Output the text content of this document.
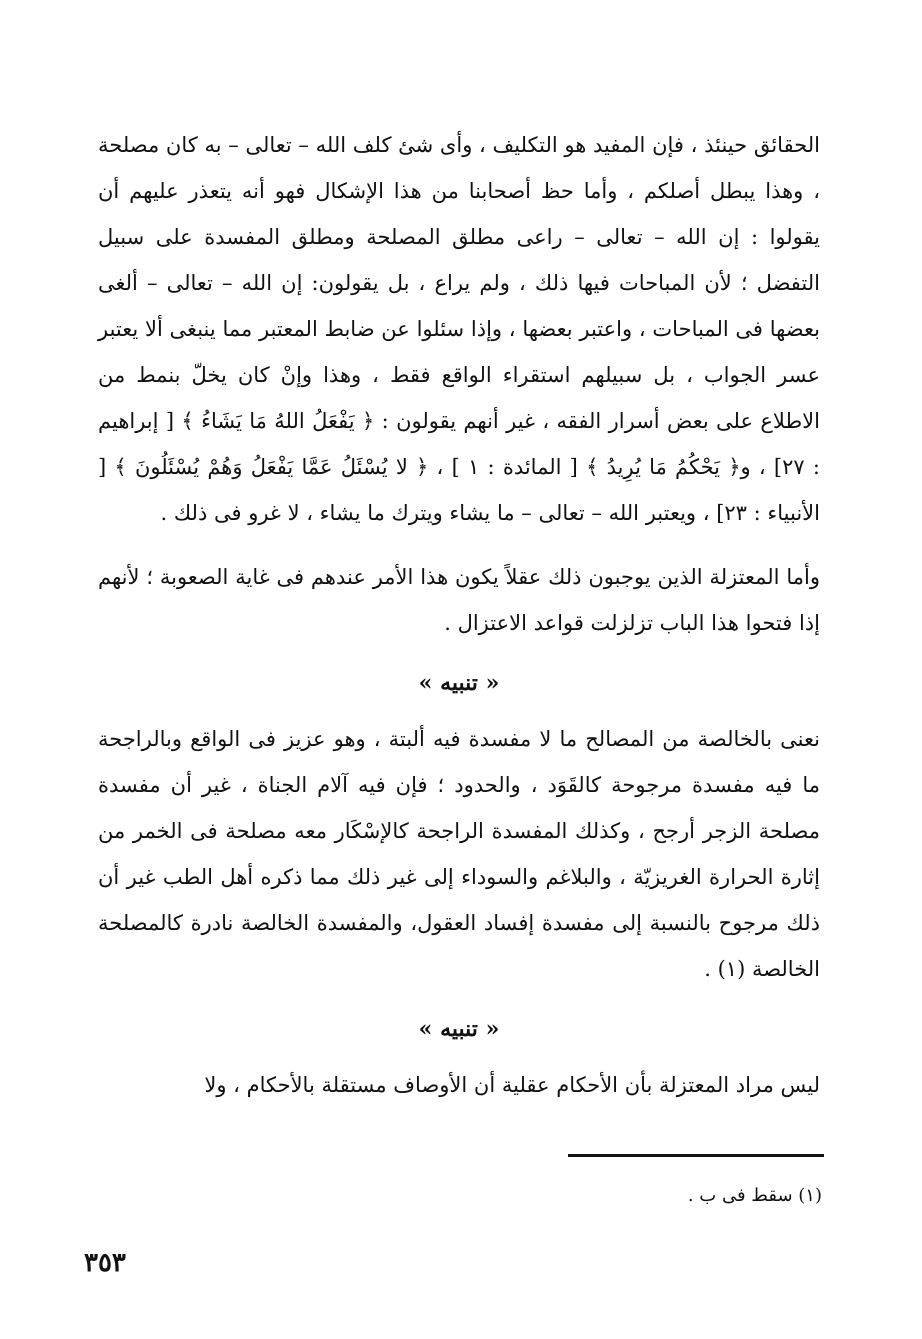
الحقائق حينئذ ، فإن المفيد هو التكليف ، وأى شئ كلف الله – تعالى – به كان مصلحة ، وهذا يبطل أصلكم ، وأما حظ أصحابنا من هذا الإشكال فهو أنه يتعذر عليهم أن يقولوا : إن الله – تعالى – راعى مطلق المصلحة ومطلق المفسدة على سبيل التفضل ؛ لأن المباحات فيها ذلك ، ولم يراع ، بل يقولون: إن الله – تعالى – ألغى بعضها فى المباحات ، واعتبر بعضها ، وإذا سئلوا عن ضابط المعتبر مما ينبغى ألا يعتبر عسر الجواب ، بل سبيلهم استقراء الواقع فقط ، وهذا وإنْ كان يخلّ بنمط من الاطلاع على بعض أسرار الفقه ، غير أنهم يقولون : ﴿ يَفْعَلُ اللهُ مَا يَشَاءُ ﴾ [ إبراهيم : ٢٧] ، و﴿ يَحْكُمُ مَا يُرِيدُ ﴾ [ المائدة : ١ ] ، ﴿ لا يُسْئَلُ عَمَّا يَفْعَلُ وَهُمْ يُسْئَلُونَ ﴾ [ الأنبياء : ٢٣] ، ويعتبر الله – تعالى – ما يشاء ويترك ما يشاء ، لا غرو فى ذلك .

وأما المعتزلة الذين يوجبون ذلك عقلاً يكون هذا الأمر عندهم فى غاية الصعوبة ؛ لأنهم إذا فتحوا هذا الباب تزلزلت قواعد الاعتزال .

« تنبيه »

نعنى بالخالصة من المصالح ما لا مفسدة فيه ألبتة ، وهو عزيز فى الواقع وبالراجحة ما فيه مفسدة مرجوحة كالقَوَد ، والحدود ؛ فإن فيه آلام الجناة ، غير أن مفسدة مصلحة الزجر أرجح ، وكذلك المفسدة الراجحة كالإسْكَار معه مصلحة فى الخمر من إثارة الحرارة الغريزيّة ، والبلاغم والسوداء إلى غير ذلك مما ذكره أهل الطب غير أن ذلك مرجوح بالنسبة إلى مفسدة إفساد العقول، والمفسدة الخالصة نادرة كالمصلحة الخالصة (١) .

« تنبيه »

ليس مراد المعتزلة بأن الأحكام عقلية أن الأوصاف مستقلة بالأحكام ، ولا

(١) سقط فى ب .
٣٥٣
